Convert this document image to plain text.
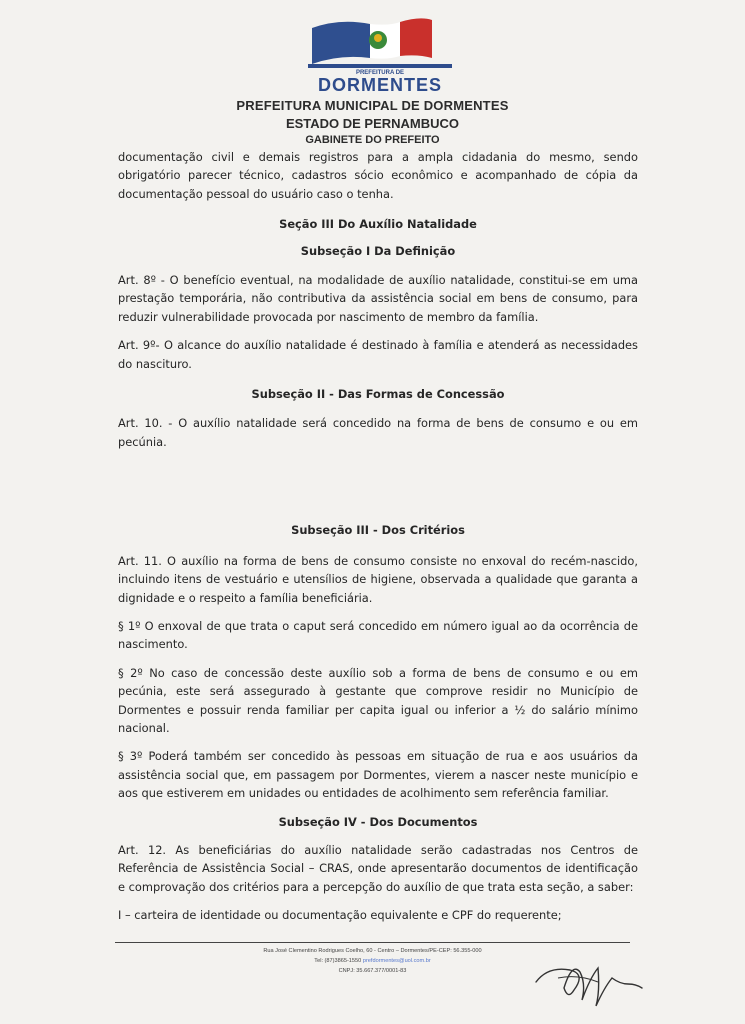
PREFEITURA DE
DORMENTES
PREFEITURA MUNICIPAL DE DORMENTES
ESTADO DE PERNAMBUCO
GABINETE DO PREFEITO

documentação civil e demais registros para a ampla cidadania do mesmo, sendo obrigatório parecer técnico, cadastros sócio econômico e acompanhado de cópia da documentação pessoal do usuário caso o tenha.

Seção III Do Auxílio Natalidade

Subseção I Da Definição

Art. 8º - O benefício eventual, na modalidade de auxílio natalidade, constitui-se em uma prestação temporária, não contributiva da assistência social em bens de consumo, para reduzir vulnerabilidade provocada por nascimento de membro da família.

Art. 9º- O alcance do auxílio natalidade é destinado à família e atenderá as necessidades do nascituro.

Subseção II - Das Formas de Concessão

Art. 10. - O auxílio natalidade será concedido na forma de bens de consumo e ou em pecúnia.

Subseção III - Dos Critérios

Art. 11. O auxílio na forma de bens de consumo consiste no enxoval do recém-nascido, incluindo itens de vestuário e utensílios de higiene, observada a qualidade que garanta a dignidade e o respeito a família beneficiária.

§ 1º O enxoval de que trata o caput será concedido em número igual ao da ocorrência de nascimento.

§ 2º No caso de concessão deste auxílio sob a forma de bens de consumo e ou em pecúnia, este será assegurado à gestante que comprove residir no Município de Dormentes e possuir renda familiar per capita igual ou inferior a ½ do salário mínimo nacional.

§ 3º Poderá também ser concedido às pessoas em situação de rua e aos usuários da assistência social que, em passagem por Dormentes, vierem a nascer neste município e aos que estiverem em unidades ou entidades de acolhimento sem referência familiar.

Subseção IV - Dos Documentos

Art. 12. As beneficiárias do auxílio natalidade serão cadastradas nos Centros de Referência de Assistência Social – CRAS, onde apresentarão documentos de identificação e comprovação dos critérios para a percepção do auxílio de que trata esta seção, a saber:

I – carteira de identidade ou documentação equivalente e CPF do requerente;

Rua José Clementino Rodrigues Coelho, 60 - Centro – Dormentes/PE-CEP: 56.355-000
Tel: (87)3865-1550 prefdormentes@uol.com.br
CNPJ: 35.667.377/0001-83
